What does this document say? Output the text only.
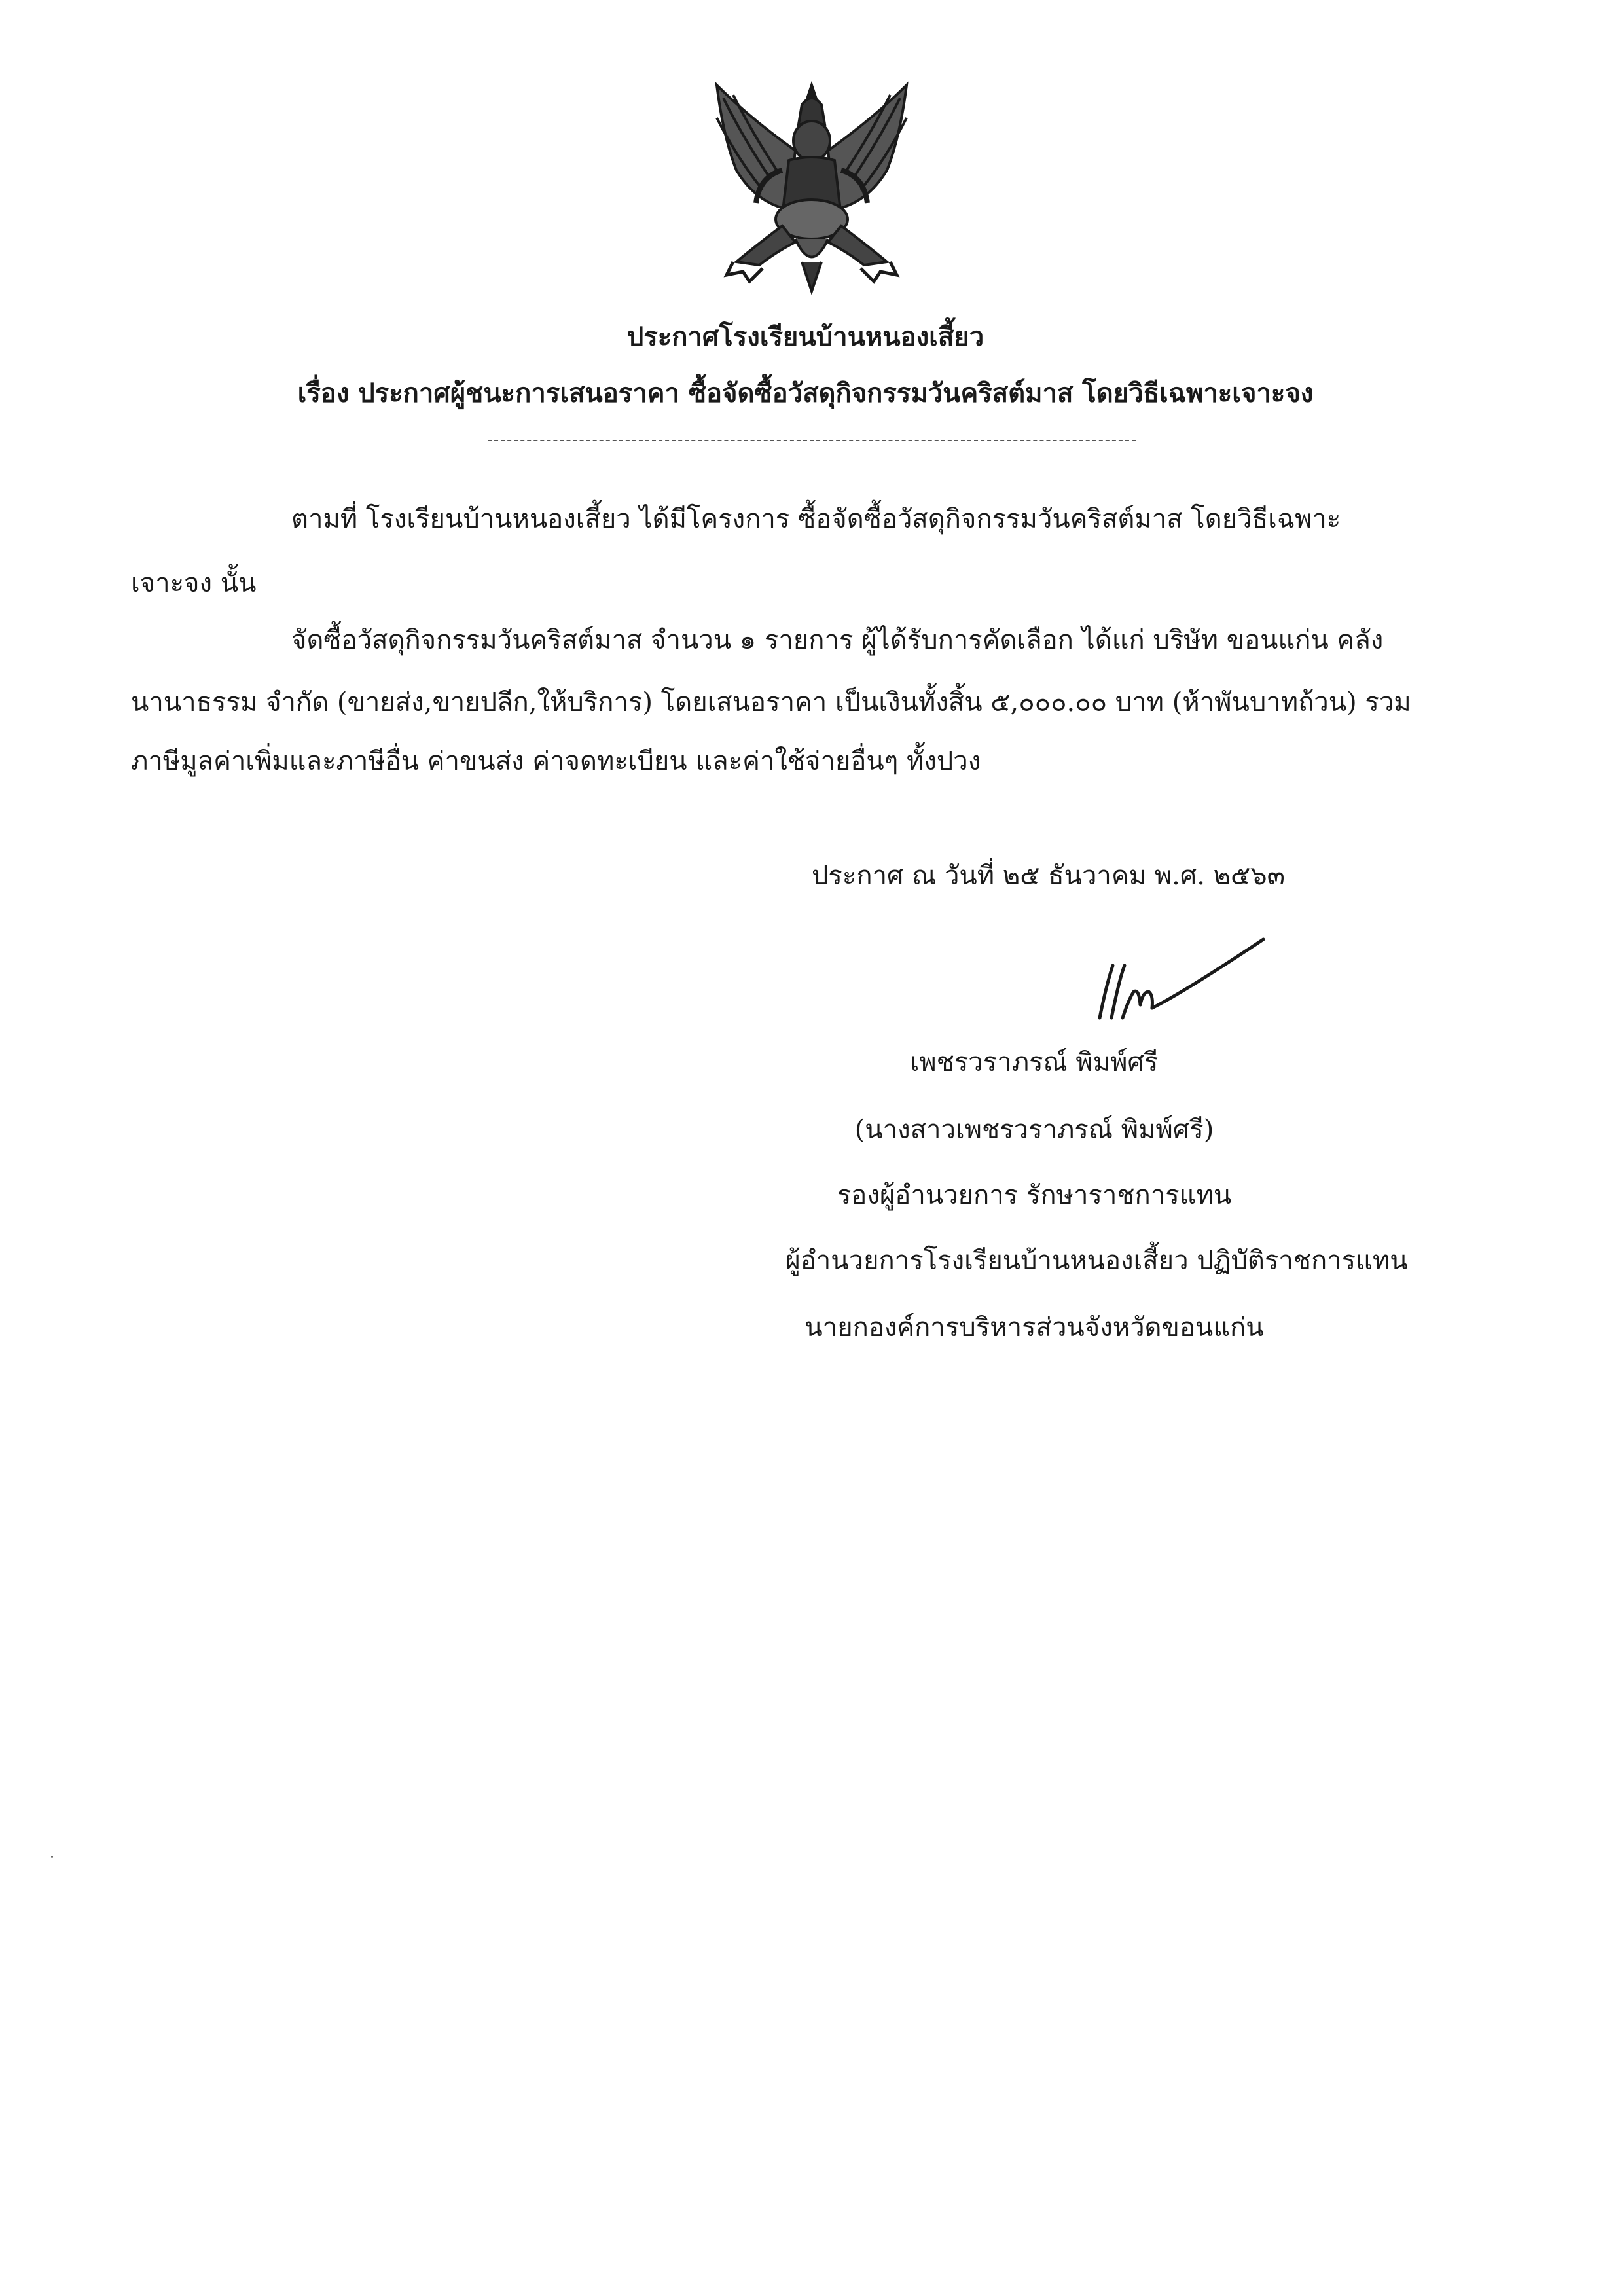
ประกาศโรงเรียนบ้านหนองเสี้ยว
เรื่อง ประกาศผู้ชนะการเสนอราคา ซื้อจัดซื้อวัสดุกิจกรรมวันคริสต์มาส โดยวิธีเฉพาะเจาะจง
ตามที่ โรงเรียนบ้านหนองเสี้ยว ได้มีโครงการ ซื้อจัดซื้อวัสดุกิจกรรมวันคริสต์มาส โดยวิธีเฉพาะ
เจาะจง นั้น
จัดซื้อวัสดุกิจกรรมวันคริสต์มาส จำนวน ๑ รายการ ผู้ได้รับการคัดเลือก ได้แก่ บริษัท ขอนแก่น คลัง
นานาธรรม จำกัด (ขายส่ง,ขายปลีก,ให้บริการ) โดยเสนอราคา เป็นเงินทั้งสิ้น ๕,๐๐๐.๐๐ บาท (ห้าพันบาทถ้วน) รวม
ภาษีมูลค่าเพิ่มและภาษีอื่น ค่าขนส่ง ค่าจดทะเบียน และค่าใช้จ่ายอื่นๆ ทั้งปวง
ประกาศ ณ วันที่ ๒๕ ธันวาคม พ.ศ. ๒๕๖๓
เพชรวราภรณ์ พิมพ์ศรี
(นางสาวเพชรวราภรณ์ พิมพ์ศรี)
รองผู้อำนวยการ รักษาราชการแทน
ผู้อำนวยการโรงเรียนบ้านหนองเสี้ยว ปฏิบัติราชการแทน
นายกองค์การบริหารส่วนจังหวัดขอนแก่น
